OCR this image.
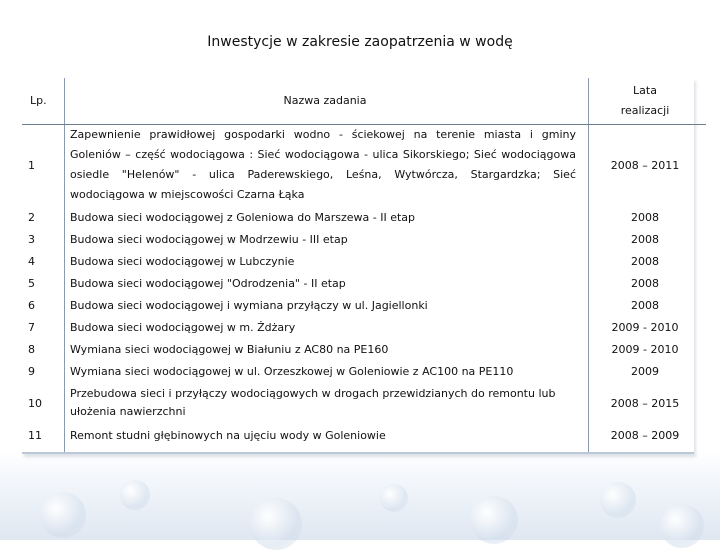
Inwestycje w zakresie zaopatrzenia w wodę
Lp.	Nazwa zadania	Lata realizacji
1	Zapewnienie prawidłowej gospodarki wodno - ściekowej na terenie miasta i gminy Goleniów – część wodociągowa : Sieć wodociągowa - ulica Sikorskiego; Sieć wodociągowa osiedle "Helenów" - ulica Paderewskiego, Leśna, Wytwórcza, Stargardzka; Sieć wodociągowa w miejscowości Czarna Łąka	2008 – 2011
2	Budowa sieci wodociągowej z Goleniowa do Marszewa - II etap	2008
3	Budowa sieci wodociągowej w Modrzewiu - III etap	2008
4	Budowa sieci wodociągowej w Lubczynie	2008
5	Budowa sieci wodociągowej "Odrodzenia" - II etap	2008
6	Budowa sieci wodociągowej i wymiana przyłączy w ul. Jagiellonki	2008
7	Budowa sieci wodociągowej w m. Żdżary	2009 - 2010
8	Wymiana sieci wodociągowej w Białuniu z AC80 na PE160	2009 - 2010
9	Wymiana sieci wodociągowej w ul. Orzeszkowej w Goleniowie z AC100 na PE110	2009
10	Przebudowa sieci i przyłączy wodociągowych w drogach przewidzianych do remontu lub ułożenia nawierzchni	2008 – 2015
11	Remont studni głębinowych na ujęciu wody w Goleniowie	2008 – 2009
